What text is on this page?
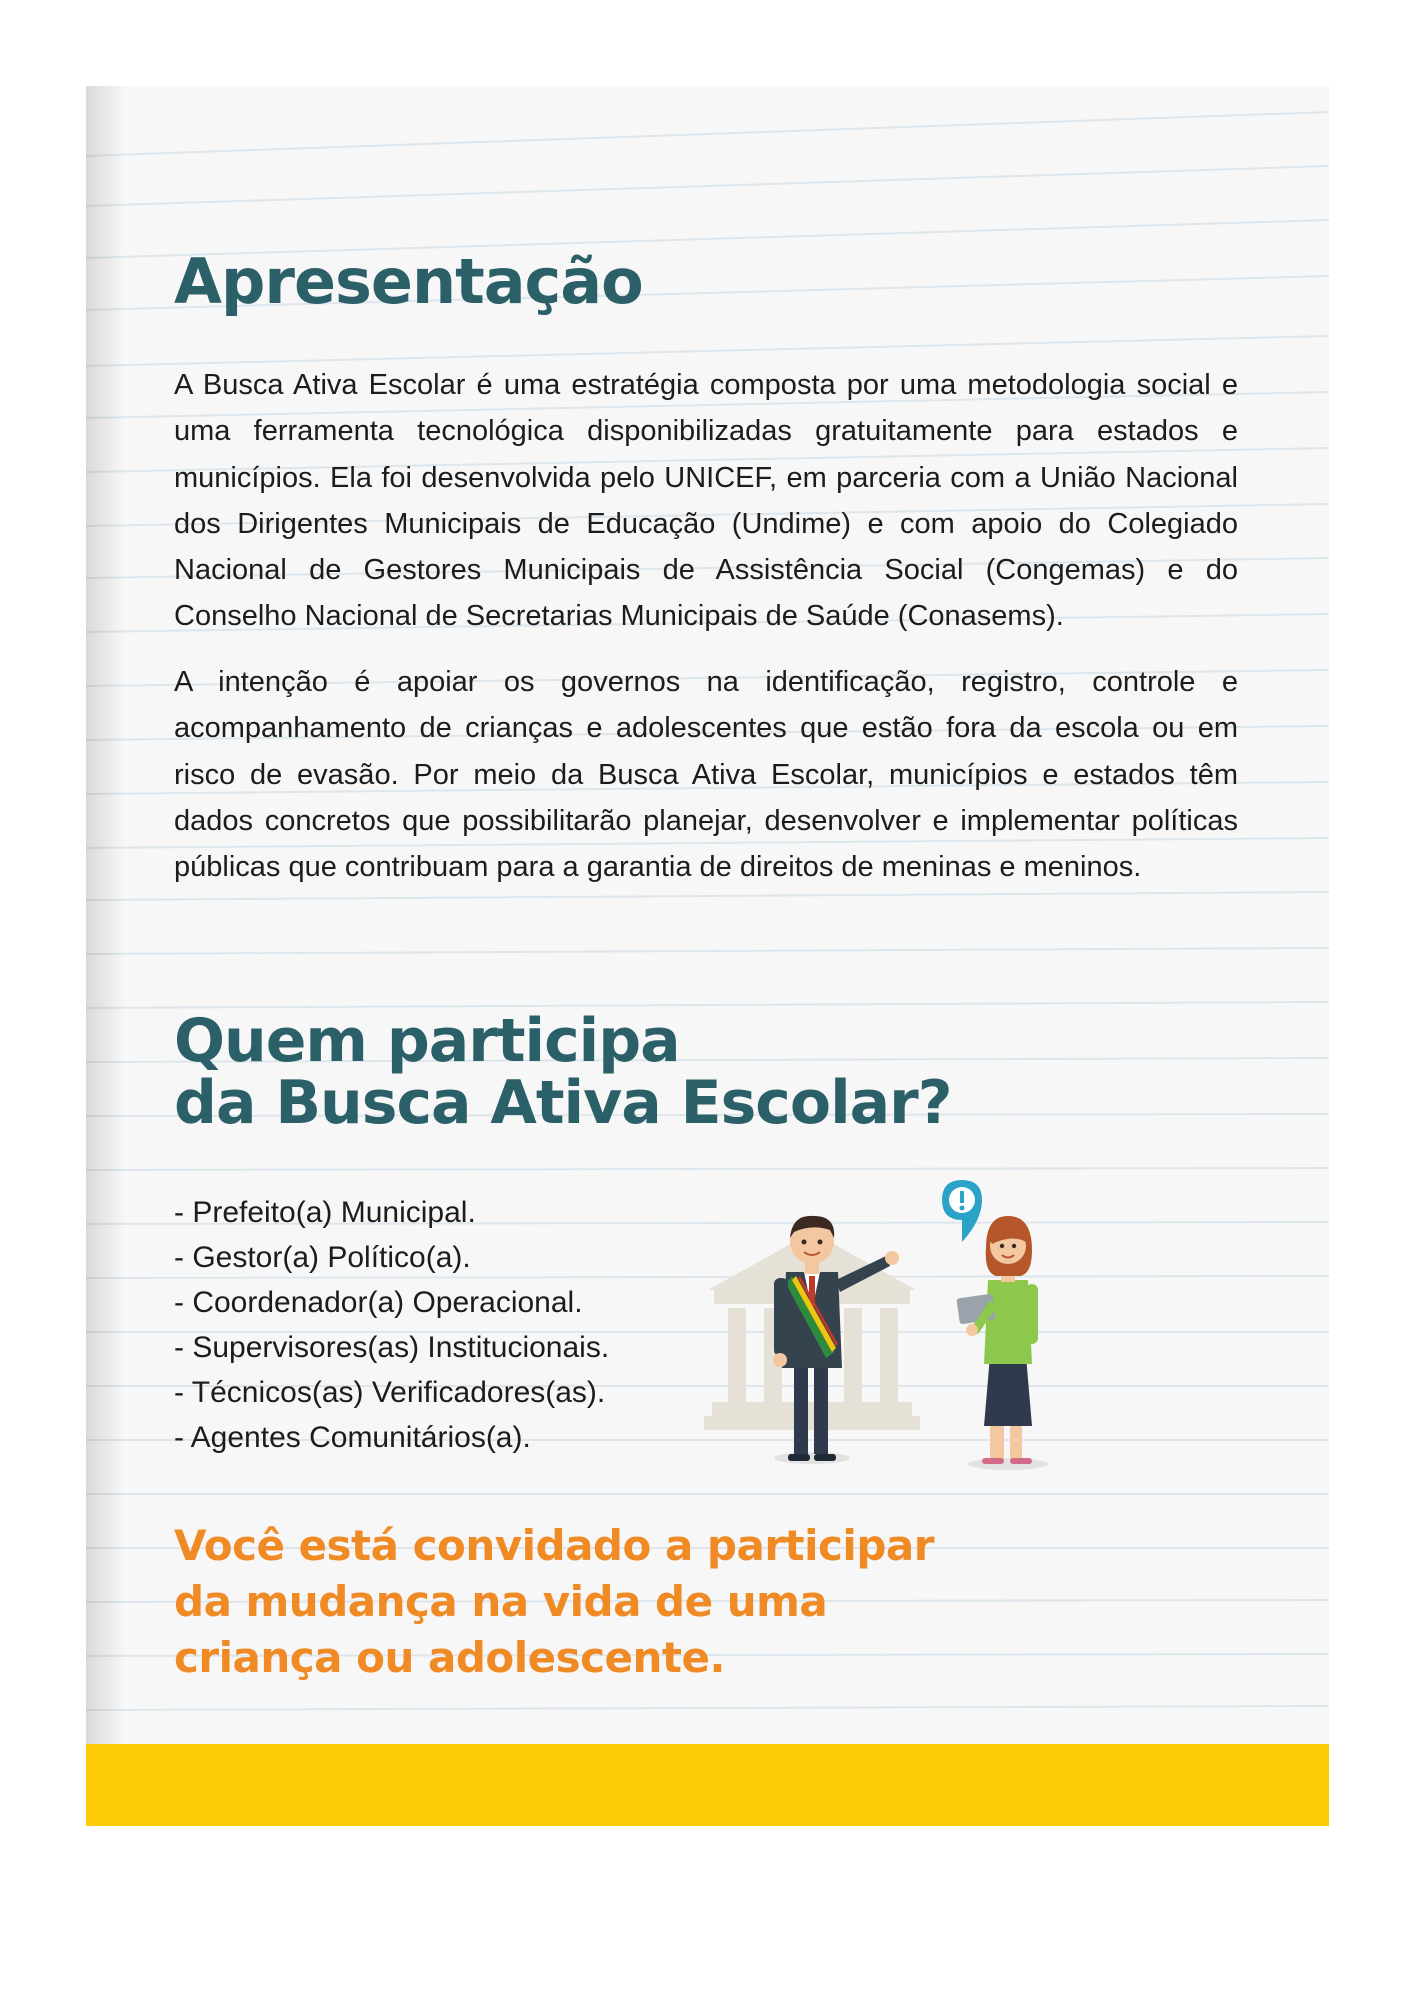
Apresentação

A Busca Ativa Escolar é uma estratégia composta por uma metodologia social e uma ferramenta tecnológica disponibilizadas gratuitamente para estados e municípios. Ela foi desenvolvida pelo UNICEF, em parceria com a União Nacional dos Dirigentes Municipais de Educação (Undime) e com apoio do Colegiado Nacional de Gestores Municipais de Assistência Social (Congemas) e do Conselho Nacional de Secretarias Municipais de Saúde (Conasems).

A intenção é apoiar os governos na identificação, registro, controle e acompanhamento de crianças e adolescentes que estão fora da escola ou em risco de evasão. Por meio da Busca Ativa Escolar, municípios e estados têm dados concretos que possibilitarão planejar, desenvolver e implementar políticas públicas que contribuam para a garantia de direitos de meninas e meninos.

Quem participa
da Busca Ativa Escolar?
- Prefeito(a) Municipal.
- Gestor(a) Político(a).
- Coordenador(a) Operacional.
- Supervisores(as) Institucionais.
- Técnicos(as) Verificadores(as).
- Agentes Comunitários(a).

Você está convidado a participar
da mudança na vida de uma
criança ou adolescente.
